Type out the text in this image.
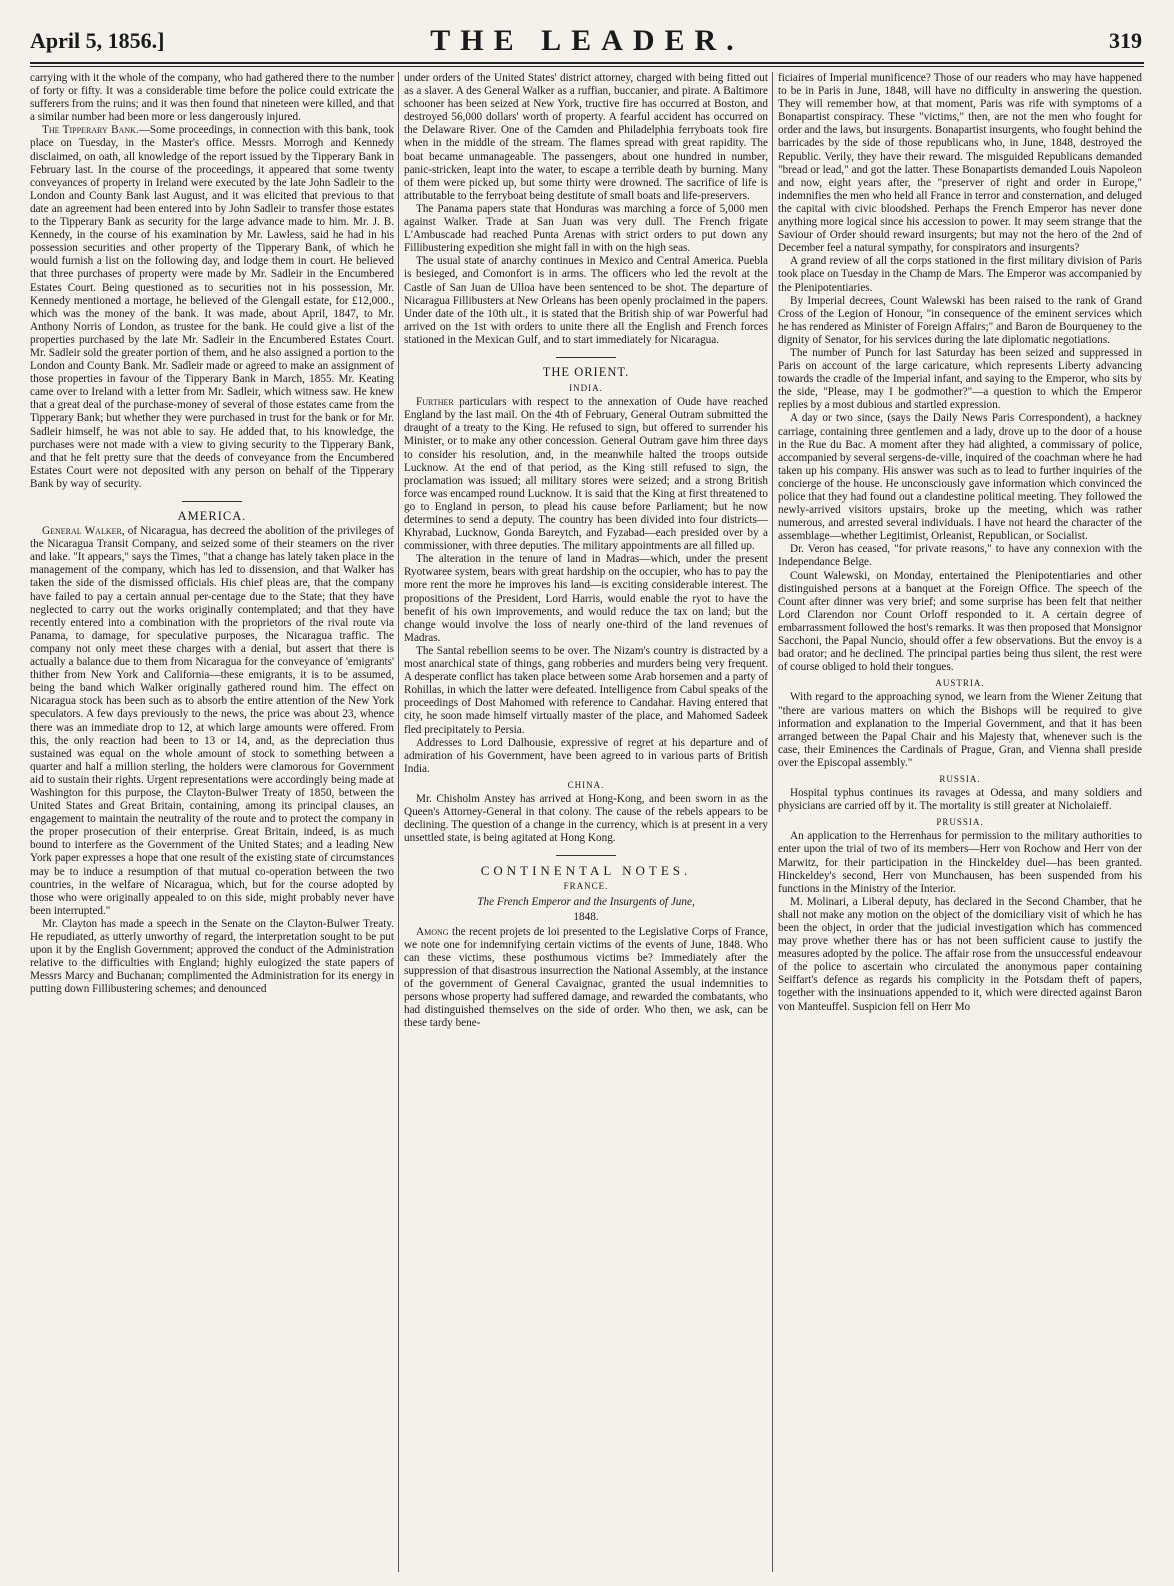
April 5, 1856.]	THE LEADER.	319

carrying with it the whole of the company, who had gathered there to the number of forty or fifty. It was a considerable time before the police could extricate the sufferers from the ruins; and it was then found that nineteen were killed, and that a similar number had been more or less dangerously injured.

The Tipperary Bank.—Some proceedings, in connection with this bank, took place on Tuesday, in the Master's office. Messrs. Morrogh and Kennedy disclaimed, on oath, all knowledge of the report issued by the Tipperary Bank in February last. In the course of the proceedings, it appeared that some twenty conveyances of property in Ireland were executed by the late John Sadleir to the London and County Bank last August, and it was elicited that previous to that date an agreement had been entered into by John Sadleir to transfer those estates to the Tipperary Bank as security for the large advance made to him. Mr. J. B. Kennedy, in the course of his examination by Mr. Lawless, said he had in his possession securities and other property of the Tipperary Bank, of which he would furnish a list on the following day, and lodge them in court. He believed that three purchases of property were made by Mr. Sadleir in the Encumbered Estates Court. Being questioned as to securities not in his possession, Mr. Kennedy mentioned a mortage, he believed of the Glengall estate, for £12,000., which was the money of the bank. It was made, about April, 1847, to Mr. Anthony Norris of London, as trustee for the bank. He could give a list of the properties purchased by the late Mr. Sadleir in the Encumbered Estates Court. Mr. Sadleir sold the greater portion of them, and he also assigned a portion to the London and County Bank. Mr. Sadleir made or agreed to make an assignment of those properties in favour of the Tipperary Bank in March, 1855. Mr. Keating came over to Ireland with a letter from Mr. Sadleir, which witness saw. He knew that a great deal of the purchase-money of several of those estates came from the Tipperary Bank; but whether they were purchased in trust for the bank or for Mr. Sadleir himself, he was not able to say. He added that, to his knowledge, the purchases were not made with a view to giving security to the Tipperary Bank, and that he felt pretty sure that the deeds of conveyance from the Encumbered Estates Court were not deposited with any person on behalf of the Tipperary Bank by way of security.

AMERICA.

General Walker, of Nicaragua, has decreed the abolition of the privileges of the Nicaragua Transit Company, and seized some of their steamers on the river and lake. "It appears," says the Times, "that a change has lately taken place in the management of the company, which has led to dissension, and that Walker has taken the side of the dismissed officials. His chief pleas are, that the company have failed to pay a certain annual per-centage due to the State; that they have neglected to carry out the works originally contemplated; and that they have recently entered into a combination with the proprietors of the rival route via Panama, to damage, for speculative purposes, the Nicaragua traffic. The company not only meet these charges with a denial, but assert that there is actually a balance due to them from Nicaragua for the conveyance of 'emigrants' thither from New York and California—these emigrants, it is to be assumed, being the band which Walker originally gathered round him. The effect on Nicaragua stock has been such as to absorb the entire attention of the New York speculators. A few days previously to the news, the price was about 23, whence there was an immediate drop to 12, at which large amounts were offered. From this, the only reaction had been to 13 or 14, and, as the depreciation thus sustained was equal on the whole amount of stock to something between a quarter and half a million sterling, the holders were clamorous for Government aid to sustain their rights. Urgent representations were accordingly being made at Washington for this purpose, the Clayton-Bulwer Treaty of 1850, between the United States and Great Britain, containing, among its principal clauses, an engagement to maintain the neutrality of the route and to protect the company in the proper prosecution of their enterprise. Great Britain, indeed, is as much bound to interfere as the Government of the United States; and a leading New York paper expresses a hope that one result of the existing state of circumstances may be to induce a resumption of that mutual co-operation between the two countries, in the welfare of Nicaragua, which, but for the course adopted by those who were originally appealed to on this side, might probably never have been interrupted."

Mr. Clayton has made a speech in the Senate on the Clayton-Bulwer Treaty. He repudiated, as utterly unworthy of regard, the interpretation sought to be put upon it by the English Government; approved the conduct of the Administration relative to the difficulties with England; highly eulogized the state papers of Messrs Marcy and Buchanan; complimented the Administration for its energy in putting down Fillibustering schemes; and denounced

under orders of the United States' district attorney, charged with being fitted out as a slaver. A des General Walker as a ruffian, buccanier, and pirate. A Baltimore schooner has been seized at New York, tructive fire has occurred at Boston, and destroyed 56,000 dollars' worth of property. A fearful accident has occurred on the Delaware River. One of the Camden and Philadelphia ferryboats took fire when in the middle of the stream. The flames spread with great rapidity. The boat became unmanageable. The passengers, about one hundred in number, panic-stricken, leapt into the water, to escape a terrible death by burning. Many of them were picked up, but some thirty were drowned. The sacrifice of life is attributable to the ferryboat being destitute of small boats and life-preservers.

The Panama papers state that Honduras was marching a force of 5,000 men against Walker. Trade at San Juan was very dull. The French frigate L'Ambuscade had reached Punta Arenas with strict orders to put down any Fillibustering expedition she might fall in with on the high seas.

The usual state of anarchy continues in Mexico and Central America. Puebla is besieged, and Comonfort is in arms. The officers who led the revolt at the Castle of San Juan de Ulloa have been sentenced to be shot. The departure of Nicaragua Fillibusters at New Orleans has been openly proclaimed in the papers. Under date of the 10th ult., it is stated that the British ship of war Powerful had arrived on the 1st with orders to unite there all the English and French forces stationed in the Mexican Gulf, and to start immediately for Nicaragua.

THE ORIENT.
INDIA.

Further particulars with respect to the annexation of Oude have reached England by the last mail. On the 4th of February, General Outram submitted the draught of a treaty to the King. He refused to sign, but offered to surrender his Minister, or to make any other concession. General Outram gave him three days to consider his resolution, and, in the meanwhile halted the troops outside Lucknow. At the end of that period, as the King still refused to sign, the proclamation was issued; all military stores were seized; and a strong British force was encamped round Lucknow. It is said that the King at first threatened to go to England in person, to plead his cause before Parliament; but he now determines to send a deputy. The country has been divided into four districts—Khyrabad, Lucknow, Gonda Bareytch, and Fyzabad—each presided over by a commissioner, with three deputies. The military appointments are all filled up.

The alteration in the tenure of land in Madras—which, under the present Ryotwaree system, bears with great hardship on the occupier, who has to pay the more rent the more he improves his land—is exciting considerable interest. The propositions of the President, Lord Harris, would enable the ryot to have the benefit of his own improvements, and would reduce the tax on land; but the change would involve the loss of nearly one-third of the land revenues of Madras.

The Santal rebellion seems to be over. The Nizam's country is distracted by a most anarchical state of things, gang robberies and murders being very frequent. A desperate conflict has taken place between some Arab horsemen and a party of Rohillas, in which the latter were defeated. Intelligence from Cabul speaks of the proceedings of Dost Mahomed with reference to Candahar. Having entered that city, he soon made himself virtually master of the place, and Mahomed Sadeek fled precipitately to Persia.

Addresses to Lord Dalhousie, expressive of regret at his departure and of admiration of his Government, have been agreed to in various parts of British India.

CHINA.

Mr. Chisholm Anstey has arrived at Hong-Kong, and been sworn in as the Queen's Attorney-General in that colony. The cause of the rebels appears to be declining. The question of a change in the currency, which is at present in a very unsettled state, is being agitated at Hong Kong.

CONTINENTAL NOTES.
FRANCE.
The French Emperor and the Insurgents of June,
1848.

Among the recent projets de loi presented to the Legislative Corps of France, we note one for indemnifying certain victims of the events of June, 1848. Who can these victims, these posthumous victims be? Immediately after the suppression of that disastrous insurrection the National Assembly, at the instance of the government of General Cavaignac, granted the usual indemnities to persons whose property had suffered damage, and rewarded the combatants, who had distinguished themselves on the side of order. Who then, we ask, can be these tardy bene-

ficiaires of Imperial munificence? Those of our readers who may have happened to be in Paris in June, 1848, will have no difficulty in answering the question. They will remember how, at that moment, Paris was rife with symptoms of a Bonapartist conspiracy. These "victims," then, are not the men who fought for order and the laws, but insurgents. Bonapartist insurgents, who fought behind the barricades by the side of those republicans who, in June, 1848, destroyed the Republic. Verily, they have their reward. The misguided Republicans demanded "bread or lead," and got the latter. These Bonapartists demanded Louis Napoleon and now, eight years after, the "preserver of right and order in Europe," indemnifies the men who held all France in terror and consternation, and deluged the capital with civic bloodshed. Perhaps the French Emperor has never done anything more logical since his accession to power. It may seem strange that the Saviour of Order should reward insurgents; but may not the hero of the 2nd of December feel a natural sympathy, for conspirators and insurgents?

A grand review of all the corps stationed in the first military division of Paris took place on Tuesday in the Champ de Mars. The Emperor was accompanied by the Plenipotentiaries.

By Imperial decrees, Count Walewski has been raised to the rank of Grand Cross of the Legion of Honour, "in consequence of the eminent services which he has rendered as Minister of Foreign Affairs;" and Baron de Bourqueney to the dignity of Senator, for his services during the late diplomatic negotiations.

The number of Punch for last Saturday has been seized and suppressed in Paris on account of the large caricature, which represents Liberty advancing towards the cradle of the Imperial infant, and saying to the Emperor, who sits by the side, "Please, may I be godmother?"—a question to which the Emperor replies by a most dubious and startled expression.

A day or two since, (says the Daily News Paris Correspondent), a hackney carriage, containing three gentlemen and a lady, drove up to the door of a house in the Rue du Bac. A moment after they had alighted, a commissary of police, accompanied by several sergens-de-ville, inquired of the coachman where he had taken up his company. His answer was such as to lead to further inquiries of the concierge of the house. He unconsciously gave information which convinced the police that they had found out a clandestine political meeting. They followed the newly-arrived visitors upstairs, broke up the meeting, which was rather numerous, and arrested several individuals. I have not heard the character of the assemblage—whether Legitimist, Orleanist, Republican, or Socialist.

Dr. Veron has ceased, "for private reasons," to have any connexion with the Independance Belge.

Count Walewski, on Monday, entertained the Plenipotentiaries and other distinguished persons at a banquet at the Foreign Office. The speech of the Count after dinner was very brief; and some surprise has been felt that neither Lord Clarendon nor Count Orloff responded to it. A certain degree of embarrassment followed the host's remarks. It was then proposed that Monsignor Sacchoni, the Papal Nuncio, should offer a few observations. But the envoy is a bad orator; and he declined. The principal parties being thus silent, the rest were of course obliged to hold their tongues.

AUSTRIA.

With regard to the approaching synod, we learn from the Wiener Zeitung that "there are various matters on which the Bishops will be required to give information and explanation to the Imperial Government, and that it has been arranged between the Papal Chair and his Majesty that, whenever such is the case, their Eminences the Cardinals of Prague, Gran, and Vienna shall preside over the Episcopal assembly."

RUSSIA.

Hospital typhus continues its ravages at Odessa, and many soldiers and physicians are carried off by it. The mortality is still greater at Nicholaieff.

PRUSSIA.

An application to the Herrenhaus for permission to the military authorities to enter upon the trial of two of its members—Herr von Rochow and Herr von der Marwitz, for their participation in the Hinckeldey duel—has been granted. Hinckeldey's second, Herr von Munchausen, has been suspended from his functions in the Ministry of the Interior.

M. Molinari, a Liberal deputy, has declared in the Second Chamber, that he shall not make any motion on the object of the domiciliary visit of which he has been the object, in order that the judicial investigation which has commenced may prove whether there has or has not been sufficient cause to justify the measures adopted by the police. The affair rose from the unsuccessful endeavour of the police to ascertain who circulated the anonymous paper containing Seiffart's defence as regards his complicity in the Potsdam theft of papers, together with the insinuations appended to it, which were directed against Baron von Manteuffel. Suspicion fell on Herr Mo
